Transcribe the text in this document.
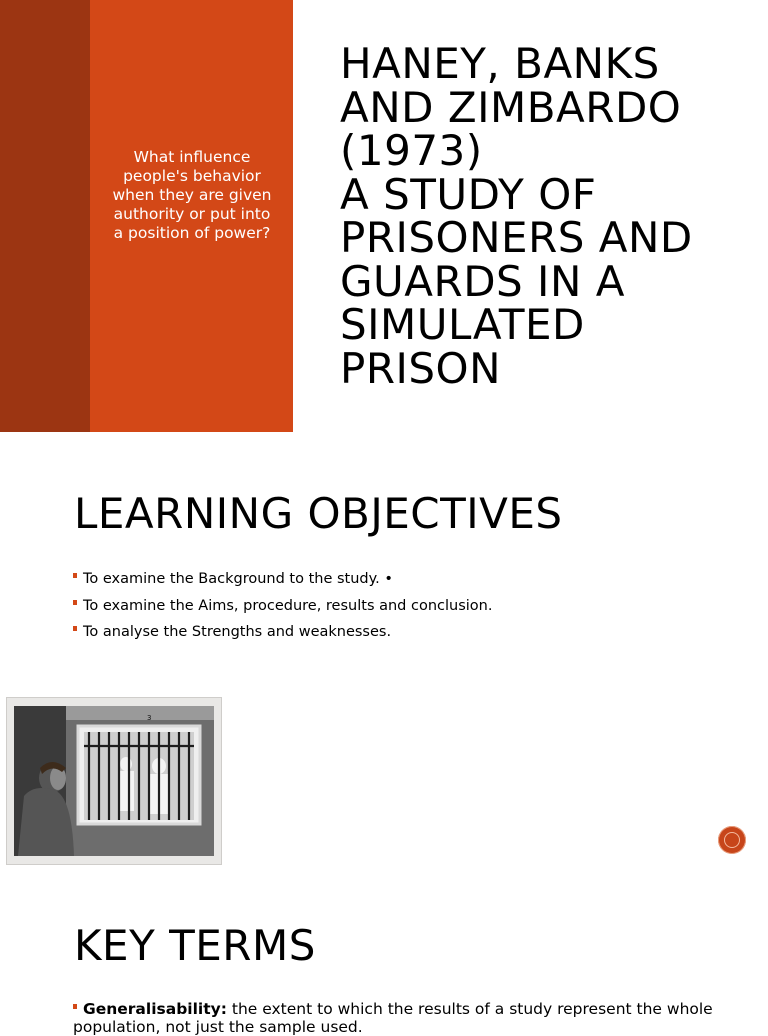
What influence people's behavior when they are given authority or put into a position of power?
HANEY, BANKS
AND ZIMBARDO
(1973)
A STUDY OF
PRISONERS AND
GUARDS IN A
SIMULATED
PRISON
LEARNING OBJECTIVES
To examine the Background to the study. •
To examine the Aims, procedure, results and conclusion.
To analyse the Strengths and weaknesses.
3
KEY TERMS
Generalisability: the extent to which the results of a study represent the whole population, not just the sample used.
